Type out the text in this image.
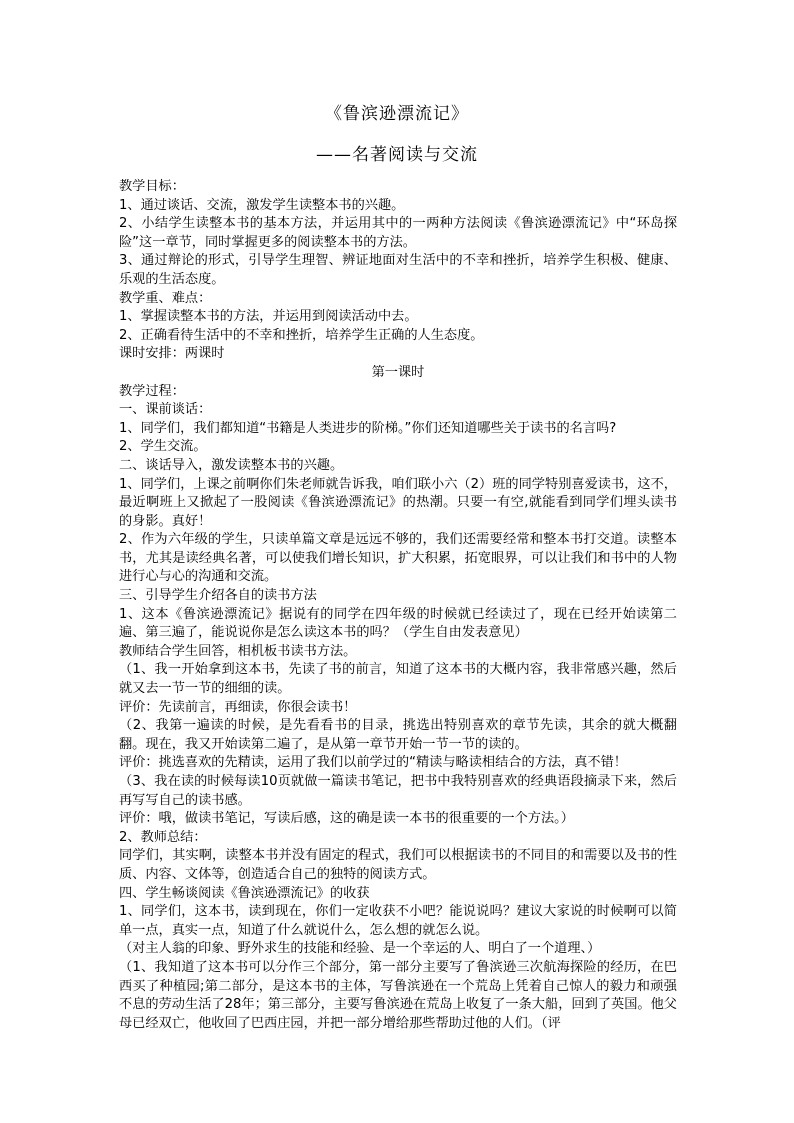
《鲁滨逊漂流记》
——名著阅读与交流

教学目标：

1、通过谈话、交流，激发学生读整本书的兴趣。

2、小结学生读整本书的基本方法，并运用其中的一两种方法阅读《鲁滨逊漂流记》中“环岛探险”这一章节，同时掌握更多的阅读整本书的方法。

3、通过辩论的形式，引导学生理智、辨证地面对生活中的不幸和挫折，培养学生积极、健康、乐观的生活态度。

教学重、难点：

1、掌握读整本书的方法，并运用到阅读活动中去。

2、正确看待生活中的不幸和挫折，培养学生正确的人生态度。

课时安排：两课时

第一课时

教学过程：

一、课前谈话：

1、同学们，我们都知道“书籍是人类进步的阶梯。”你们还知道哪些关于读书的名言吗?

2、学生交流。

二、谈话导入，激发读整本书的兴趣。

1、同学们，上课之前啊你们朱老师就告诉我，咱们联小六（2）班的同学特别喜爱读书，这不，最近啊班上又掀起了一股阅读《鲁滨逊漂流记》的热潮。只要一有空,就能看到同学们埋头读书的身影。真好！

2、作为六年级的学生，只读单篇文章是远远不够的，我们还需要经常和整本书打交道。读整本书，尤其是读经典名著，可以使我们增长知识，扩大积累，拓宽眼界，可以让我们和书中的人物进行心与心的沟通和交流。

三、引导学生介绍各自的读书方法

1、这本《鲁滨逊漂流记》据说有的同学在四年级的时候就已经读过了，现在已经开始读第二遍、第三遍了，能说说你是怎么读这本书的吗？（学生自由发表意见）

教师结合学生回答，相机板书读书方法。

（1、我一开始拿到这本书，先读了书的前言，知道了这本书的大概内容，我非常感兴趣，然后就又去一节一节的细细的读。

评价：先读前言，再细读，你很会读书！

（2、我第一遍读的时候，是先看看书的目录，挑选出特别喜欢的章节先读，其余的就大概翻翻。现在，我又开始读第二遍了，是从第一章节开始一节一节的读的。

评价：挑选喜欢的先精读，运用了我们以前学过的“精读与略读相结合的方法，真不错！

（3、我在读的时候每读10页就做一篇读书笔记，把书中我特别喜欢的经典语段摘录下来，然后再写写自己的读书感。

评价：哦，做读书笔记，写读后感，这的确是读一本书的很重要的一个方法。）

2、教师总结：

同学们，其实啊，读整本书并没有固定的程式，我们可以根据读书的不同目的和需要以及书的性质、内容、文体等，创造适合自己的独特的阅读方式。

四、学生畅谈阅读《鲁滨逊漂流记》的收获

1、同学们，这本书，读到现在，你们一定收获不小吧？能说说吗？建议大家说的时候啊可以简单一点，真实一点，知道了什么就说什么，怎么想的就怎么说。

（对主人翁的印象、野外求生的技能和经验、是一个幸运的人、明白了一个道理、）

（1、我知道了这本书可以分作三个部分，第一部分主要写了鲁滨逊三次航海探险的经历，在巴西买了种植园;第二部分，是这本书的主体，写鲁滨逊在一个荒岛上凭着自己惊人的毅力和顽强不息的劳动生活了28年；第三部分，主要写鲁滨逊在荒岛上收复了一条大船，回到了英国。他父母已经双亡，他收回了巴西庄园，并把一部分增给那些帮助过他的人们。（评
